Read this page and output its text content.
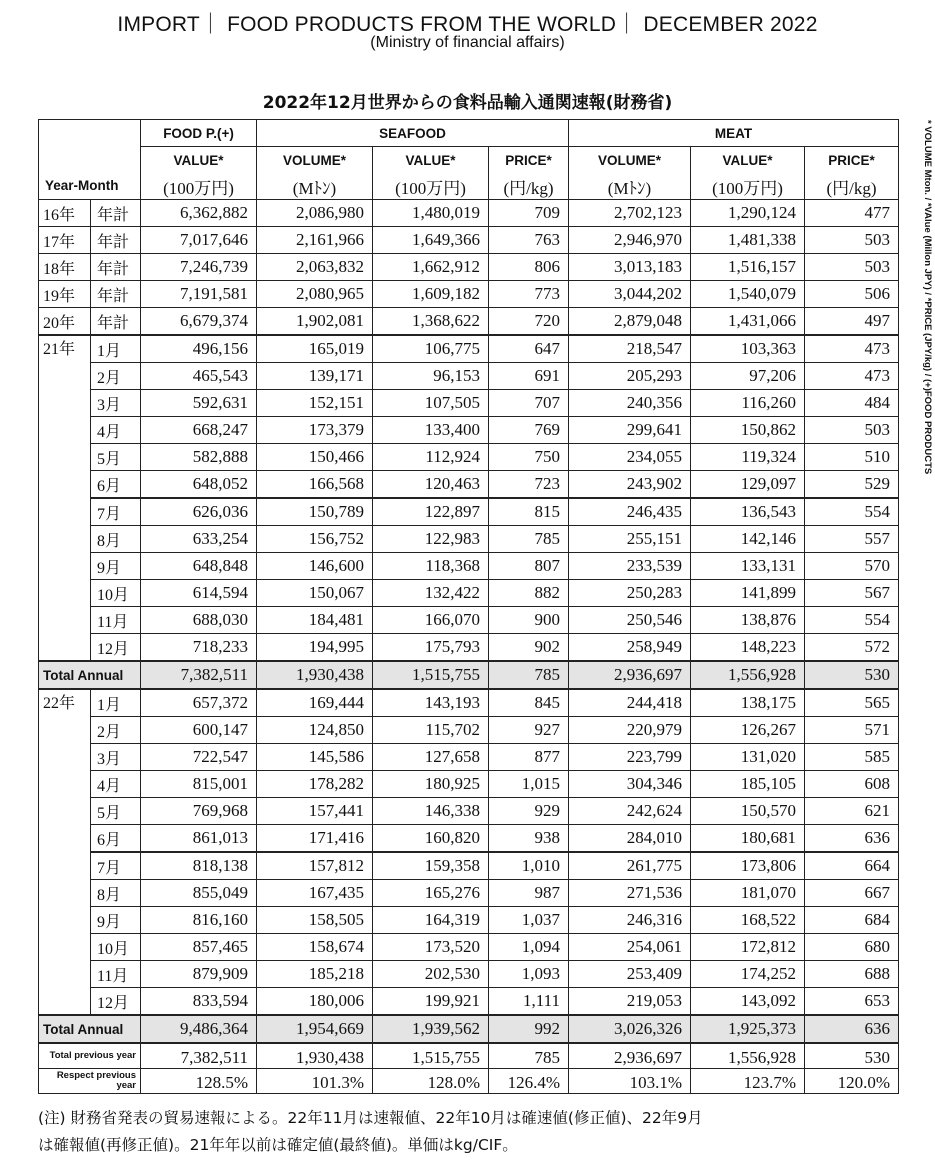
IMPORT｜ FOOD PRODUCTS FROM THE WORLD｜ DECEMBER 2022
(Ministry of financial affairs)
2022年12月世界からの食料品輸入通関速報(財務省)
* VOLUME Mton. / *VAlue (Millon JPY) / *PRICE (JPY/kg) / (+)FOOD PRODUCTS
Year-Month		FOOD P.(+)	SEAFOOD			MEAT		
		VALUE*	VOLUME*	VALUE*	PRICE*	VOLUME*	VALUE*	PRICE*
		(100万円)	(Mﾄﾝ)	(100万円)	(円/kg)	(Mﾄﾝ)	(100万円)	(円/kg)
16年	年計	6,362,882	2,086,980	1,480,019	709	2,702,123	1,290,124	477
17年	年計	7,017,646	2,161,966	1,649,366	763	2,946,970	1,481,338	503
18年	年計	7,246,739	2,063,832	1,662,912	806	3,013,183	1,516,157	503
19年	年計	7,191,581	2,080,965	1,609,182	773	3,044,202	1,540,079	506
20年	年計	6,679,374	1,902,081	1,368,622	720	2,879,048	1,431,066	497
21年	1月	496,156	165,019	106,775	647	218,547	103,363	473
	2月	465,543	139,171	96,153	691	205,293	97,206	473
	3月	592,631	152,151	107,505	707	240,356	116,260	484
	4月	668,247	173,379	133,400	769	299,641	150,862	503
	5月	582,888	150,466	112,924	750	234,055	119,324	510
	6月	648,052	166,568	120,463	723	243,902	129,097	529
	7月	626,036	150,789	122,897	815	246,435	136,543	554
	8月	633,254	156,752	122,983	785	255,151	142,146	557
	9月	648,848	146,600	118,368	807	233,539	133,131	570
	10月	614,594	150,067	132,422	882	250,283	141,899	567
	11月	688,030	184,481	166,070	900	250,546	138,876	554
	12月	718,233	194,995	175,793	902	258,949	148,223	572
Total Annual		7,382,511	1,930,438	1,515,755	785	2,936,697	1,556,928	530
22年	1月	657,372	169,444	143,193	845	244,418	138,175	565
	2月	600,147	124,850	115,702	927	220,979	126,267	571
	3月	722,547	145,586	127,658	877	223,799	131,020	585
	4月	815,001	178,282	180,925	1,015	304,346	185,105	608
	5月	769,968	157,441	146,338	929	242,624	150,570	621
	6月	861,013	171,416	160,820	938	284,010	180,681	636
	7月	818,138	157,812	159,358	1,010	261,775	173,806	664
	8月	855,049	167,435	165,276	987	271,536	181,070	667
	9月	816,160	158,505	164,319	1,037	246,316	168,522	684
	10月	857,465	158,674	173,520	1,094	254,061	172,812	680
	11月	879,909	185,218	202,530	1,093	253,409	174,252	688
	12月	833,594	180,006	199,921	1,111	219,053	143,092	653
Total Annual		9,486,364	1,954,669	1,939,562	992	3,026,326	1,925,373	636
Total previous year		7,382,511	1,930,438	1,515,755	785	2,936,697	1,556,928	530
Respect previous year		128.5%	101.3%	128.0%	126.4%	103.1%	123.7%	120.0%
(注) 財務省発表の貿易速報による。22年11月は速報値、22年10月は確速値(修正値)、22年9月
は確報値(再修正値)。21年年以前は確定値(最終値)。単価はkg/CIF。
